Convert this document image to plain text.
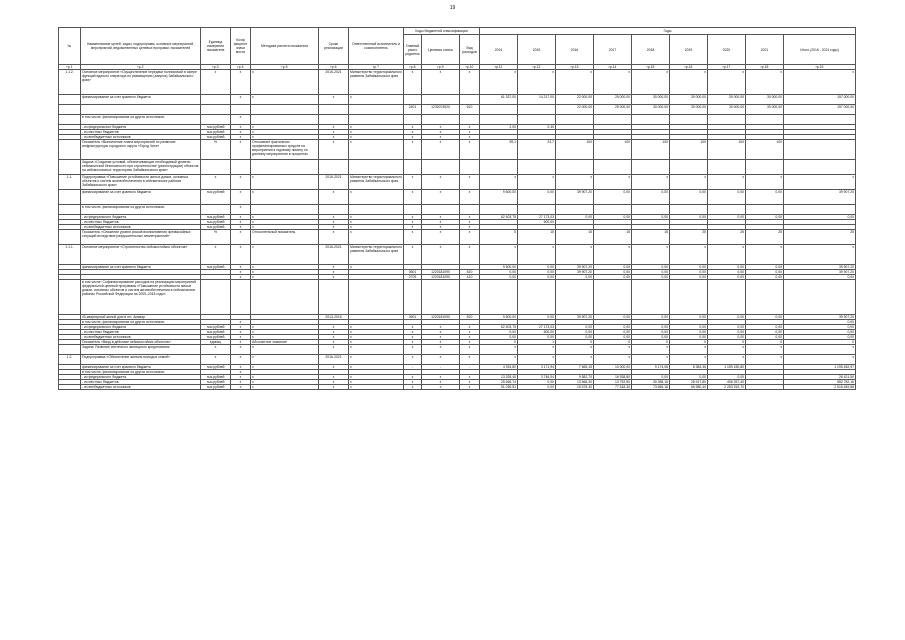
19
№	Наименование целей, задач, подпрограмм, основных мероприятий, мероприятий, ведомственных целевых программ, показателей	Единица измерения показателя	Коэф фициент значи мости	Методика расчета показателя	Сроки реализации	Ответственный исполнитель и соисполнитель	Коды бюджетной классификации			Годы								
							Главный распо рядитель	Целевая статья	Вид расходов	2014	2015	2016	2017	2018	2019	2020	2021	Итого (2016 - 2021 годы)
гр.1	гр.2	гр.3	гр.4	гр.5	гр.6	гр.7	гр.8	гр.9	гр.10	гр.11	гр.12	гр.13	гр.14	гр.15	гр.16	гр.17	гр.18	гр.19
1.1.2.	Основное мероприятие «Осуществление передачи полномочий в сфере функций единого оператора по размещению (закупок) Забайкальского края»	х	х	х	2016-2021	Министерство территориального развития Забайкальского края	х	х	х	х	х	х	х	х	х	х	х	х
	финансирование за счет краевого бюджета		х	х	х	х				61 337,00	14 217,00	22 000,00	25 000,00	30 000,00	30 000,00	30 000,00	30 000,00	157 000,00
							2401	1230074920	610			22 000,00	25 000,00	30 000,00	30 000,00	30 000,00	30 000,00	157 000,00
	в том числе, финансирование из других источников:		х															
	- из федерального бюджета	тыс.рублей	х	х	х	х	х	х	х	2,00	0,30							
	- из местных бюджетов	тыс.рублей	х	х	х	х	х	х	х									
	- из внебюджетных источников	тыс.рублей	х	х	х	х	х	х	х									
	Показатель «Выполнение плана мероприятий по развитию инфраструктуры городского округа «Город Чита»	%	х	Отношение фактически профинансированных средств на мероприятия к годовому лимиту по данному мероприятию в процентах	х	х	х	х	х	95,1	23,7	100	100	100	100	100	100	
	Задача «Создание условий, обеспечивающих необходимый уровень сейсмической безопасности при строительстве (реконструкции) объектов на сейсмоопасных территориях Забайкальского края»																	
1.1.	Подпрограмма «Повышение устойчивости жилых домов, основных объектов и систем жизнеобеспечения в сейсмических районах Забайкальского края»	х	х	х	2016-2021	Министерство территориального развития Забайкальского края	х	х	х	х	х	х	х	х	х	х	х	х
	финансирование за счет краевого бюджета	тыс.рублей	х	х	х	х	х	х	х	9 600,00	0,00	39 907,20	0,00	0,00	0,00	0,00	0,00	39 907,20
	в том числе, финансирование из других источников:		х															
	- из федерального бюджета	тыс.рублей	х	х	х	х	х	х	х	62 403,75	27 173,03	0,00	0,00	0,00	0,00	0,00	0,00	0,00
	- из местных бюджетов	тыс.рублей	х	х	х	х	х	х	х		600,00							
	- из внебюджетных источников	тыс.рублей	х	х	х	х	х	х	х									
	Показатель «Снижение уровня рисков возникновения чрезвычайных ситуаций вследствие разрушительных землетрясений»	%	х	Относительный показатель	х	х	х	х	х	5	15	15	15	15	25	25	25	25
1.1.1.	Основное мероприятие «Строительство сейсмостойких объектов»	х	х	х	2016-2021	Министерство территориального развития Забайкальского края	х	х	х	х	х	х	х	х	х	х	х	х
	финансирование за счет краевого бюджета	тыс.рублей	х	х	х	х				9 600,00	0,00	39 907,20	0,00	0,00	0,00	0,00	0,00	39 907,20
			х	х	х		0501	1220181090	520	0,00	0,00	39 907,20	0,00	0,00	0,00	0,00	0,00	39 907,20
			х	х	х		0709	1220181090	410	0,00	0,00	0,00	0,00	0,00	0,00	0,00	0,00	0,00
	в том числе: Софинансирование расходов на реализацию мероприятий федеральной целевой программы «Повышение устойчивости жилых домов, основных объектов и систем жизнеобеспечения в сейсмических районах Российской Федерации на 2009–2018 годы»																	
	40-квартирный жилой дом в пгт. Амазар				2013-2016		0501	1220181090	520	9 600,00	0,00	39 907,20	0,00	0,00	0,00	0,00	0,00	39 907,20
	в том числе, финансирование из других источников:		х															0,00
	- из федерального бюджета	тыс.рублей	х	х	х	х	х	х	х	62 403,75	27 173,03	0,00	0,00	0,00	0,00	0,00	0,00	0,00
	- из местных бюджетов	тыс.рублей	х	х	х	х	х	х	х	0,00	600,00	0,00	0,00	0,00	0,00	0,00	0,00	0,00
	- из внебюджетных источников	тыс.рублей	х	х	х	х	х	х	х	0,00	0,00	0,00	0,00	0,00	0,00	0,00	0,00	0,00
	Показатель «Ввод в действие сейсмостойких объектов»	единиц	х	Абсолютное значение	х	х	х	х	х	0	1	0	0	0	0	0	0	0
	Задача: Развитие ипотечного жилищного кредитования	х	х	х	х	х	х	х	х	х	х	х	х	х	х	х	х	х
1.2.	Подпрограмма «Обеспечение жильем молодых семей»	х	х	х	2016-2021	х	х	х	х	х	х	х	х	х	х	х	х	х
	финансирование за счет краевого бюджета	тыс.рублей	х	х	х	х	-	-	-	4 915,80	3 171,94	7 665,15	10 000,00	9 174,08	8 384,36	1 159 150,80		1 195 452,97
	в том числе, финансирование из других источников:		х															
	- из федерального бюджета	тыс.рублей	х	х	х	х	х	х	х	13 328,45	3 746,04	9 882,70	16 538,80	0,00	0,00	0,00		26 421,50
	- из местных бюджетов	тыс.рублей	х	х	х	х	х	х	х	25 466,74	0,00	13 566,30	13 752,50	30 288,16	28 917,80	496 257,40		582 782,16
	- из внебюджетных источников	тыс.рублей	х	х	х	х	х	х	х	91 035,51	0,00	15 575,30	77 518,30	73 656,18	65 980,40	2 283 919,70		2 516 649,88
